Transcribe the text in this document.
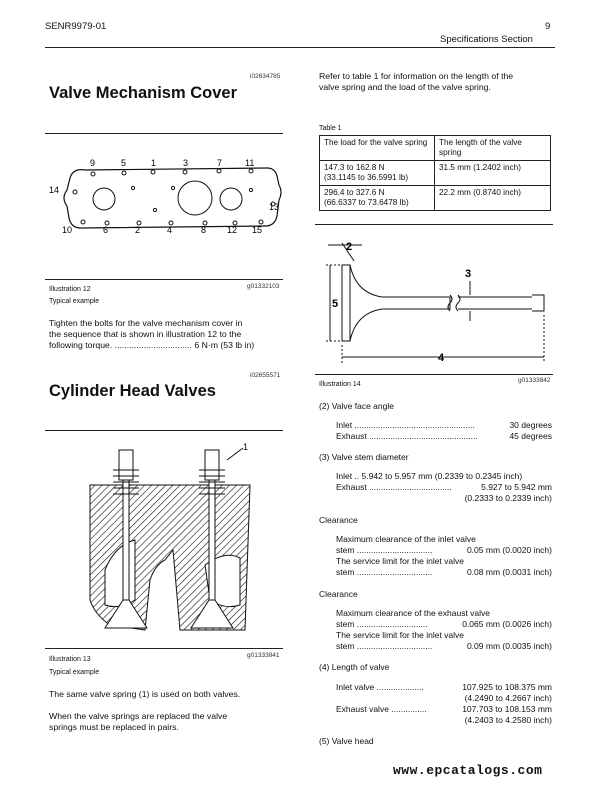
SENR9979-01	9
Specifications Section
i02634785
Valve Mechanism Cover
9	5	1	3	7	11
14
13
10	6	2	4	8 12 15
Illustration 12	g01332103
Typical example
Tighten the bolts for the valve mechanism cover in
the sequence that is shown in illustration 12 to the
following torque. ................................ 6 N·m (53 lb in)
i02655571
Cylinder Head Valves
1
Illustration 13
g01333841
Typical example
The same valve spring (1) is used on both valves.
When the valve springs are replaced the valve
springs must be replaced in pairs.
Refer to table 1 for information on the length of the
valve spring and the load of the valve spring.
Table 1
The load for the valve spring	The length of the valve spring

147.3 to 162.8 N
(33.1145 to 36.5991 lb)	31.5 mm (1.2402 inch)

296.4 to 327.6 N
(66.6337 to 73.6478 lb)	22.2 mm (0.8740 inch)
2
3
5
4
Illustration 14
g01333842
(2) Valve face angle
Inlet ...................................................	30 degrees
Exhaust ..............................................	45 degrees
(3) Valve stem diameter
Inlet .. 5.942 to 5.957 mm (0.2339 to 0.2345 inch)
Exhaust ...................................	5.927 to 5.942 mm
(0.2333 to 0.2339 inch)
Clearance
Maximum clearance of the inlet valve
stem ................................	0.05 mm (0.0020 inch)
The service limit for the inlet valve
stem ................................	0.08 mm (0.0031 inch)
Clearance
Maximum clearance of the exhaust valve
stem ..............................	0.065 mm (0.0026 inch)
The service limit for the inlet valve
stem ................................	0.09 mm (0.0035 inch)
(4) Length of valve
Inlet valve ....................	107.925 to 108.375 mm
(4.2490 to 4.2667 inch)
Exhaust valve ...............	107.703 to 108.153 mm
(4.2403 to 4.2580 inch)
(5) Valve head
www.epcatalogs.com
